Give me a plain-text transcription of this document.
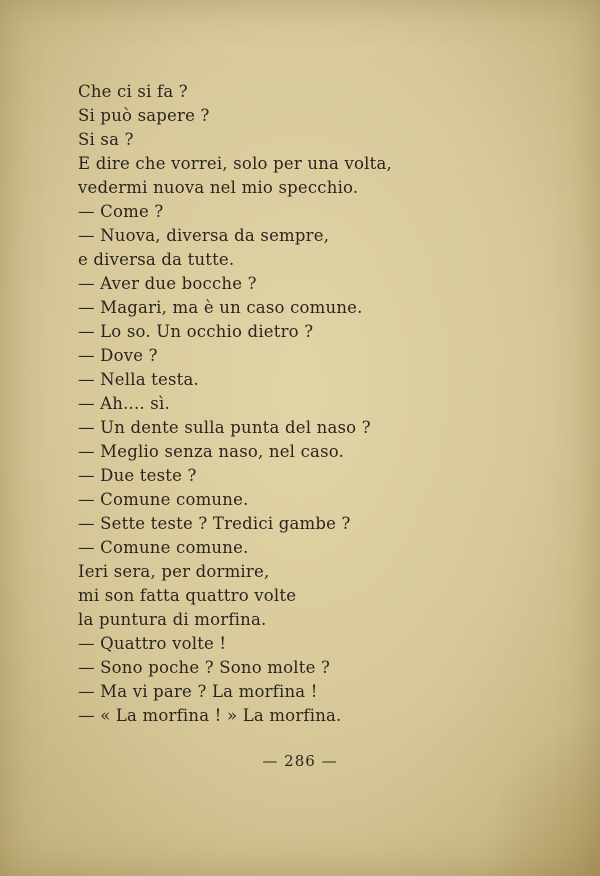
Che ci si fa ?
Si può sapere ?
Si sa ?
E dire che vorrei, solo per una volta,
vedermi nuova nel mio specchio.
— Come ?
— Nuova, diversa da sempre,
e diversa da tutte.
— Aver due bocche ?
— Magari, ma è un caso comune.
— Lo so. Un occhio dietro ?
— Dove ?
— Nella testa.
— Ah.... sì.
— Un dente sulla punta del naso ?
— Meglio senza naso, nel caso.
— Due teste ?
— Comune comune.
— Sette teste ? Tredici gambe ?
— Comune comune.
Ieri sera, per dormire,
mi son fatta quattro volte
la puntura di morfina.
— Quattro volte !
— Sono poche ? Sono molte ?
— Ma vi pare ? La morfina !
— « La morfina ! » La morfina.
— 286 —
